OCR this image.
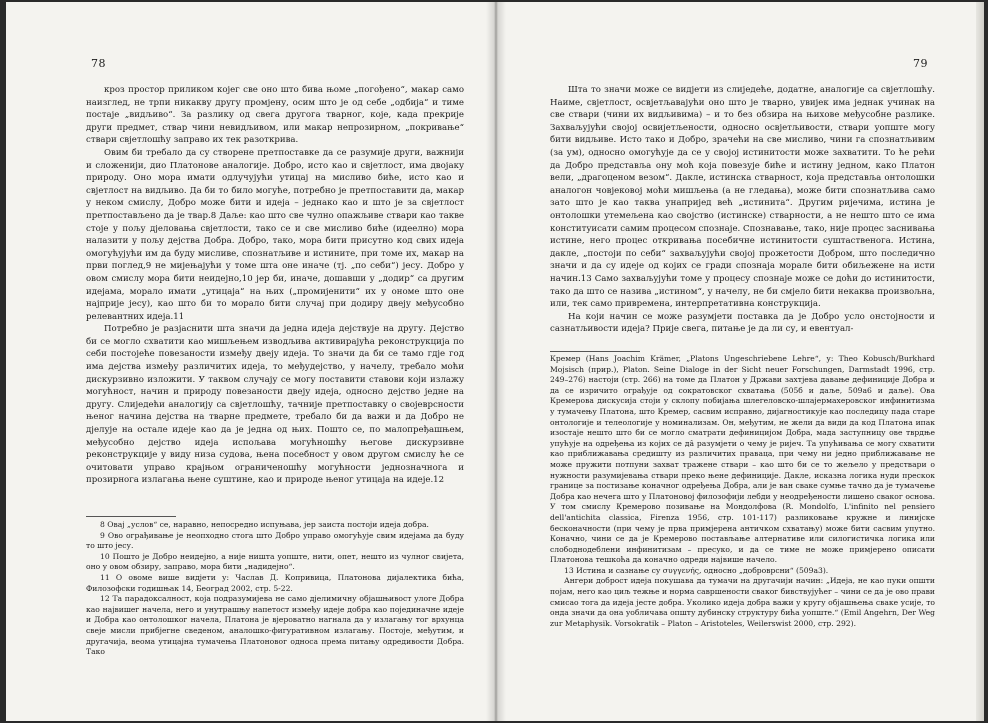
78

кроз простор приликом којег све оно што бива њоме „погођено“, макар само наизглед, не трпи никакву другу промјену, осим што је од себе „одбија“ и тиме постаје „видљиво“. За разлику од свега другога тварног, које, када прекрије други предмет, ствар чини невидљивом, или макар непрозирном, „покривање“ ствари свјетлошћу заправо их тек разоткрива.

Овим би требало да су створене претпоставке да се разумије други, важнији и сложенији, дио Платонове аналогије. Добро, исто као и свјетлост, има двојаку природу. Оно мора имати одлучујући утицај на мисливо биће, исто као и свјетлост на видљиво. Да би то било могуће, потребно је претпоставити да, макар у неком смислу, Добро може бити и идеја – једнако као и што је за свјетлост претпостављено да је твар.8 Даље: као што све чулно опажљиве ствари као такве стоје у пољу дјеловања свјетлости, тако се и све мисливо биће (идеелно) мора налазити у пољу дејства Добра. Добро, тако, мора бити присутно код свих идеја омогућујући им да буду мисливе, спознатљиве и истините, при томе их, макар на први поглед,9 не мијењајући у томе шта оне иначе (тј. „по себи“) јесу. Добро у овом смислу мора бити неидејно,10 јер би, иначе, дошавши у „додир“ са другим идејама, морало имати „утицаја“ на њих („промијенити“ их у ономе што оне најприје јесу), као што би то морало бити случај при додиру двеју међусобно релевантних идеја.11

Потребно је разјаснити шта значи да једна идеја дејствује на другу. Дејство би се могло схватити као мишљењем изводљива активирајућа реконструкција по себи постојеће повезаности између двеју идеја. То значи да би се тамо гдје год има дејства између различитих идеја, то међудејство, у начелу, требало моћи дискурзивно изложити. У таквом случају се могу поставити ставови који излажу могућност, начин и природу повезаности двеју идеја, односно дејство једне на другу. Слиједећи аналогију са свјетлошћу, тачније претпоставку о својеврсности њеног начина дејства на тварне предмете, требало би да важи и да Добро не дјелује на остале идеје као да је једна од њих. Пошто се, по малопређашњем, међусобно дејство идеја испољава могућношћу његове дискурзивне реконструкције у виду низа судова, њена посебност у овом другом смислу ће се очитовати управо крајњом ограниченошћу могућности једнозначнога и прозирнога излагања њене суштине, као и природе њеног утицаја на идеје.12

8 Овај „услов“ се, наравно, непосредно испуњава, јер заиста постоји идеја добра.

9 Ово ограђивање је неопходно стога што Добро управо омогућује свим идејама да буду то што јесу.

10 Пошто је Добро неидејно, а није ништа уопште, нити, опет, нешто из чулног свијета, оно у овом обзиру, заправо, мора бити „надидејно“.

11 О овоме више видјети у: Часлав Д. Копривица, Платонова дијалектика бића, Филозофски годишњак 14, Београд 2002, стр. 5-22.

12 Та парадоксалност, која подразумијева не само дјелимичну објашњивост улоге Добра као највишег начела, него и унутрашњу напетост између идеје добра као појединачне идеје и Добра као онтолошког начела, Платона је вјероватно нагнала да у излагању тог врхунца свеје мисли прибјегне сведеном, аналошко-фигуративном излагању. Постоје, међутим, и другачија, веома утицајна тумачења Платоновог односа према питању одредивости Добра. Тако

79

Шта то значи може се видјети из слиједеће, додатне, аналогије са свјетлошћу. Наиме, свјетлост, освјетљавајући оно што је тварно, увијек има једнак учинак на све ствари (чини их видљивима) – и то без обзира на њихове међусобне разлике. Захваљујући својој освијетљености, односно освјетљивости, ствари уопште могу бити видљиве. Исто тако и Добро, зрачећи на све мисливо, чини га спознатљивим (за ум), односно омогућује да се у својој истинитости може захватити. То ће рећи да Добро представља ону моћ која повезује биће и истину једном, како Платон вели, „драгоценом везом“. Дакле, истинска стварност, која представља онтолошки аналогон човјековој моћи мишљења (а не гледања), може бити спознатљива само зато што је као таква унапријед већ „истинита“. Другим ријечима, истина је онтолошки утемељена као својство (истинске) стварности, а не нешто што се има конституисати самим процесом спознаје. Спознавање, тако, није процес заснивања истине, него процес откривања посебичне истинитости суштаственога. Истина, дакле, „постоји по себи“ захваљујући својој прожетости Добром, што последично значи и да су идеје од којих се гради спознаја морале бити обиљежене на исти начин.13 Само захваљујући томе у процесу спознаје може се доћи до истинитости, тако да што се назива „истином“, у начелу, не би смјело бити некаква произвољна, или, тек само привремена, интерпретативна конструкција.

На који начин се може разумјети поставка да је Добро усло онстојности и сазнатљивости идеја? Прије свега, питање је да ли су, и евентуал-

Кремер (Hans Joachim Krämer, „Platons Ungeschriebene Lehre“, у: Theo Kobusch/Burkhard Mojsisch (прир.), Platon. Seine Dialoge in der Sicht neuer Forschungen, Darmstadt 1996, стр. 249–276) настоји (стр. 266) на томе да Платон у Држави захтјева давање дефиниције Добра и да се изричито ограђује од сократовског схватања (505б и даље, 509а6 и даље). Ова Кремерова дискусија стоји у склопу побијања шлегеловско-шлајермахеровског инфинитизма у тумачењу Платона, што Кремер, сасвим исправно, дијагностикује као последицу пада старе онтологије и телеологије у номинализам. Он, међутим, не жели да види да код Платона ипак изостаје нешто што би се могло сматрати дефиницијом Добра, мада заступницу ове тврдње упућује на одређења из којих се дâ разумјети о чему је ријеч. Та упућивања се могу схватити као приближавања средишту из различитих праваца, при чему ни једно приближавање не може пружити потпуни захват тражене ствари – као што би се то жељело у предствари о нужности разумијевања ствари преко њене дефиниције. Дакле, исказна логика нуди прескок границе за постизање коначног одређења Добра, али је ван сваке сумње тачно да је тумачење Добра као нечега што у Платоновој филозофији лебди у неодређености лишено сваког основа. У том смислу Кремерово позивање на Мондолфова (R. Mondolfo, L'infinito nel pensiero dell'antichita classica, Firenza 1956, стр. 101-117) разликовање кружне и линијске бесконачности (при чему је прва примјерена античком схватању) може бити сасвим упутно. Коначно, чини се да је Кремерово постављање алтернативе или силогистичка логика или слободнодеблени инфинитизам – пресуко, и да се тиме не може примјерено описати Платонова тешкоћа да коначно одреди највише начело.

13 Истина и сазнање су συγγενής, односно „доброврсни“ (509а3).

Ангери добрoст идеја покушава да тумачи на другачији начин: „Идеја, не као пуки општи појам, него као циљ тежње и норма савршености сваког бивствујућег – чини се да је ово прави смисао тога да идеја јесте добра. Уколико идеја добра важи у кругу објашњења сваке усије, то онда значи да она уобличава општу дубинску структуру бића уопште.“ (Emil Angehrn, Der Weg zur Metaphysik. Vorsokratik – Platon – Aristoteles, Weilerswist 2000, стр. 292).
